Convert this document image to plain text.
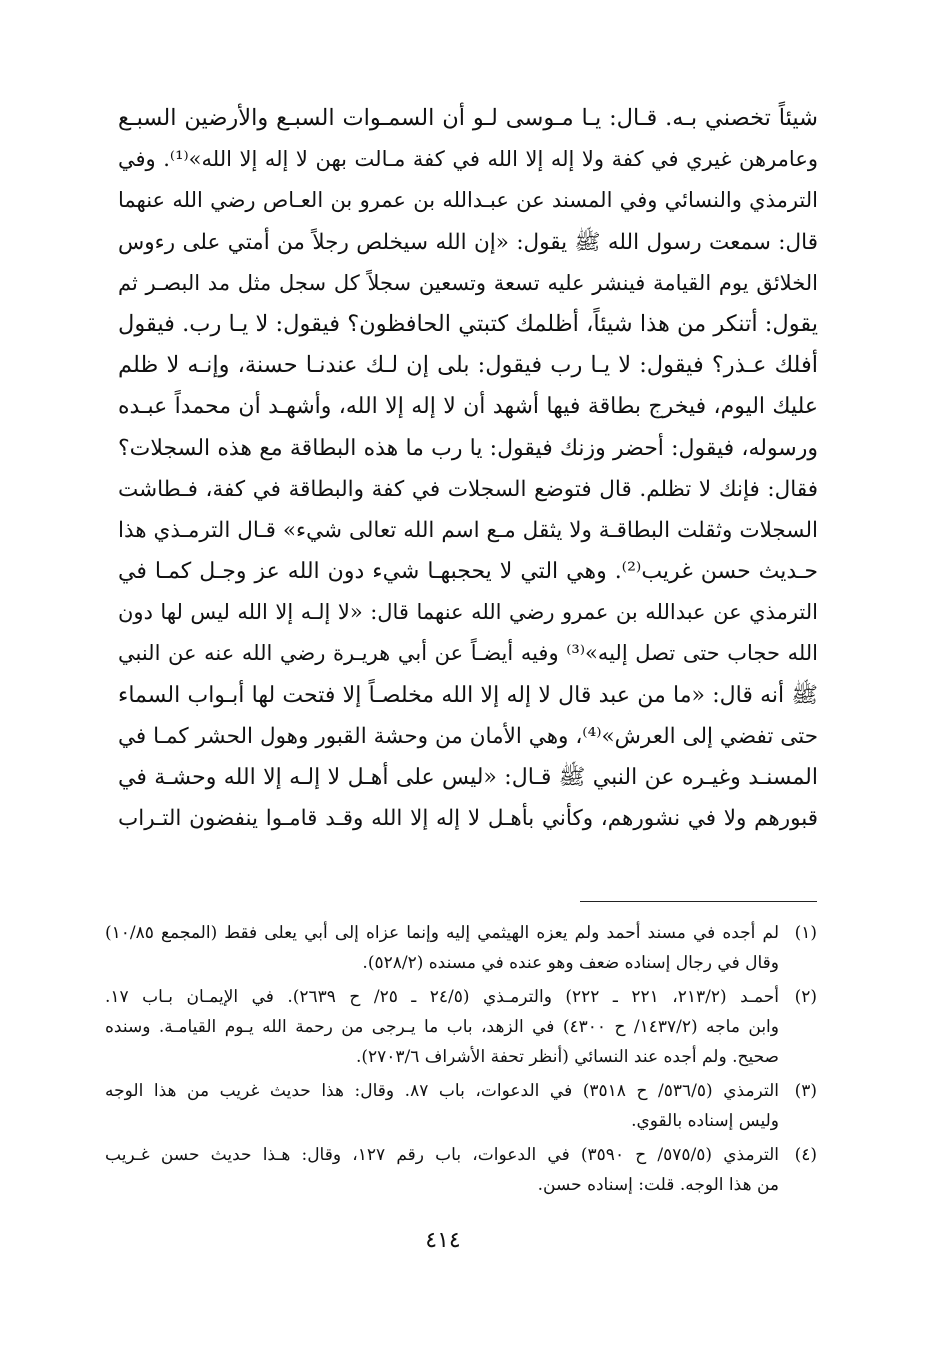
شيئاً تخصني بـه. قـال: يـا مـوسى لـو أن السمـوات السبـع والأرضين السبـع
وعامرهن غيري في كفة ولا إله إلا الله في كفة مـالت بهن لا إله إلا الله»⁽¹⁾. وفي
الترمذي والنسائي وفي المسند عن عبـدالله بن عمرو بن العـاص رضي الله عنهما
قال: سمعت رسول الله ﷺ يقول: «إن الله سيخلص رجلاً من أمتي على رءوس
الخلائق يوم القيامة فينشر عليه تسعة وتسعين سجلاً كل سجل مثل مد البصـر ثم
يقول: أتنكر من هذا شيئاً، أظلمك كتبتي الحافظون؟ فيقول: لا يـا رب. فيقول
أفلك عـذر؟ فيقول: لا يـا رب فيقول: بلى إن لـك عندنـا حسنة، وإنـه لا ظلم
عليك اليوم، فيخرج بطاقة فيها أشهد أن لا إله إلا الله، وأشهـد أن محمداً عبـده
ورسوله، فيقول: أحضر وزنك فيقول: يا رب ما هذه البطاقة مع هذه السجلات؟
فقال: فإنك لا تظلم. قال فتوضع السجلات في كفة والبطاقة في كفة، فـطاشت
السجلات وثقلت البطاقـة ولا يثقل مـع اسم الله تعالى شيء» قـال الترمـذي هذا
حـديث حسن غريب⁽²⁾. وهي التي لا يحجبهـا شيء دون الله عز وجـل كمـا في
الترمذي عن عبدالله بن عمرو رضي الله عنهما قال: «لا إلـه إلا الله ليس لها دون
الله حجاب حتى تصل إليه»⁽³⁾ وفيه أيضـاً عن أبي هريـرة رضي الله عنه عن النبي
ﷺ أنه قال: «ما من عبد قال لا إله إلا الله مخلصـاً إلا فتحت لها أبـواب السماء
حتى تفضي إلى العرش»⁽⁴⁾، وهي الأمان من وحشة القبور وهول الحشر كمـا في
المسنـد وغيـره عن النبي ﷺ قـال: «ليس على أهـل لا إلـه إلا الله وحشـة في
قبورهم ولا في نشورهم، وكأني بأهـل لا إله إلا الله وقـد قامـوا ينفضون التـراب
(١)
لم أجده في مسند أحمد ولم يعزه الهيثمي إليه وإنما عزاه إلى أبي يعلى فقط (المجمع ١٠/٨٥)
وقال في رجال إسناده ضعف وهو عنده في مسنده (٥٢٨/٢).
(٢)
أحمـد (٢١٣/٢، ٢٢١ ـ ٢٢٢) والترمـذي (٢٤/٥ ـ ٢٥/ ح ٢٦٣٩). في الإيمـان بـاب ١٧.
وابن ماجه (١٤٣٧/٢/ ح ٤٣٠٠) في الزهد، باب ما يـرجى من رحمة الله يـوم القيامـة. وسنده
صحيح. ولم أجده عند النسائي (أنظر تحفة الأشراف ٢٧٠٣/٦).
(٣)
الترمذي (٥٣٦/٥/ ح ٣٥١٨) في الدعوات، باب ٨٧. وقال: هذا حديث غريب من هذا الوجه
وليس إسناده بالقوي.
(٤)
الترمذي (٥٧٥/٥/ ح ٣٥٩٠) في الدعوات، باب رقم ١٢٧، وقال: هـذا حديث حسن غـريب
من هذا الوجه. قلت: إسناده حسن.
٤١٤
